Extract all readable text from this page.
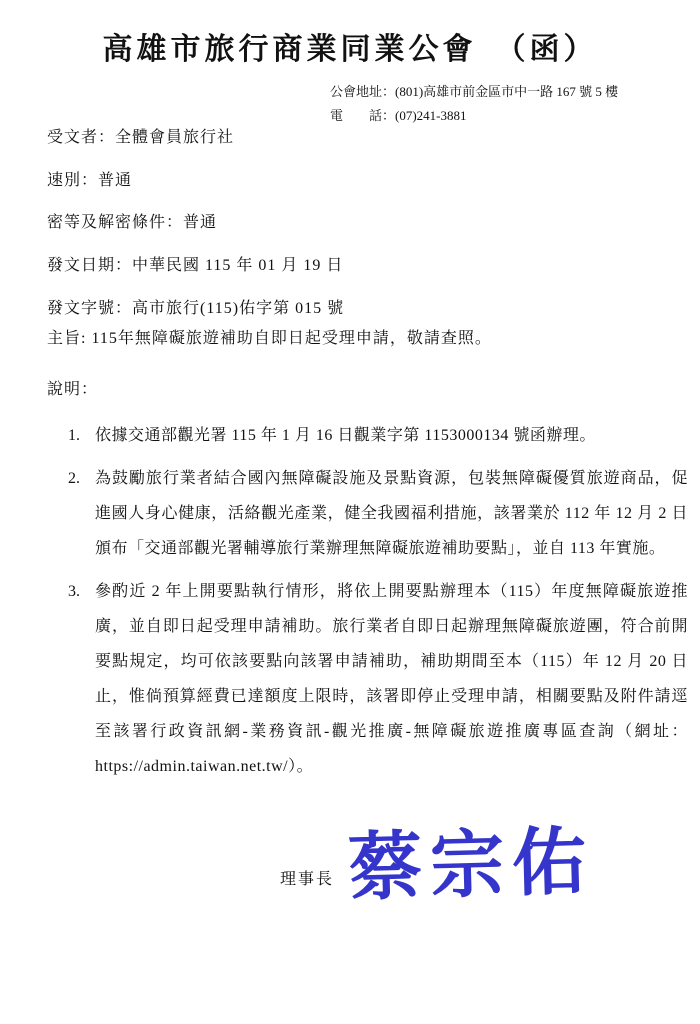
高雄市旅行商業同業公會　（函）
公會地址：(801)高雄市前金區市中一路 167 號 5 樓
電　　話：(07)241-3881
受文者：全體會員旅行社
速別：普通
密等及解密條件：普通
發文日期：中華民國 115 年 01 月 19 日
發文字號：高市旅行(115)佑字第 015 號
主旨: 115年無障礙旅遊補助自即日起受理申請，敬請查照。
說明：
1. 依據交通部觀光署 115 年 1 月 16 日觀業字第 1153000134 號函辦理。
2. 為鼓勵旅行業者結合國內無障礙設施及景點資源，包裝無障礙優質旅遊商品，促進國人身心健康，活絡觀光產業，健全我國福利措施，該署業於 112 年 12 月 2 日頒布「交通部觀光署輔導旅行業辦理無障礙旅遊補助要點」，並自 113 年實施。
3. 參酌近 2 年上開要點執行情形，將依上開要點辦理本（115）年度無障礙旅遊推廣，並自即日起受理申請補助。旅行業者自即日起辦理無障礙旅遊團，符合前開要點規定，均可依該要點向該署申請補助，補助期間至本（115）年 12 月 20 日止，惟倘預算經費已達額度上限時，該署即停止受理申請，相關要點及附件請逕至該署行政資訊網-業務資訊-觀光推廣-無障礙旅遊推廣專區查詢（網址：https://admin.taiwan.net.tw/）。
理事長 蔡宗佑
